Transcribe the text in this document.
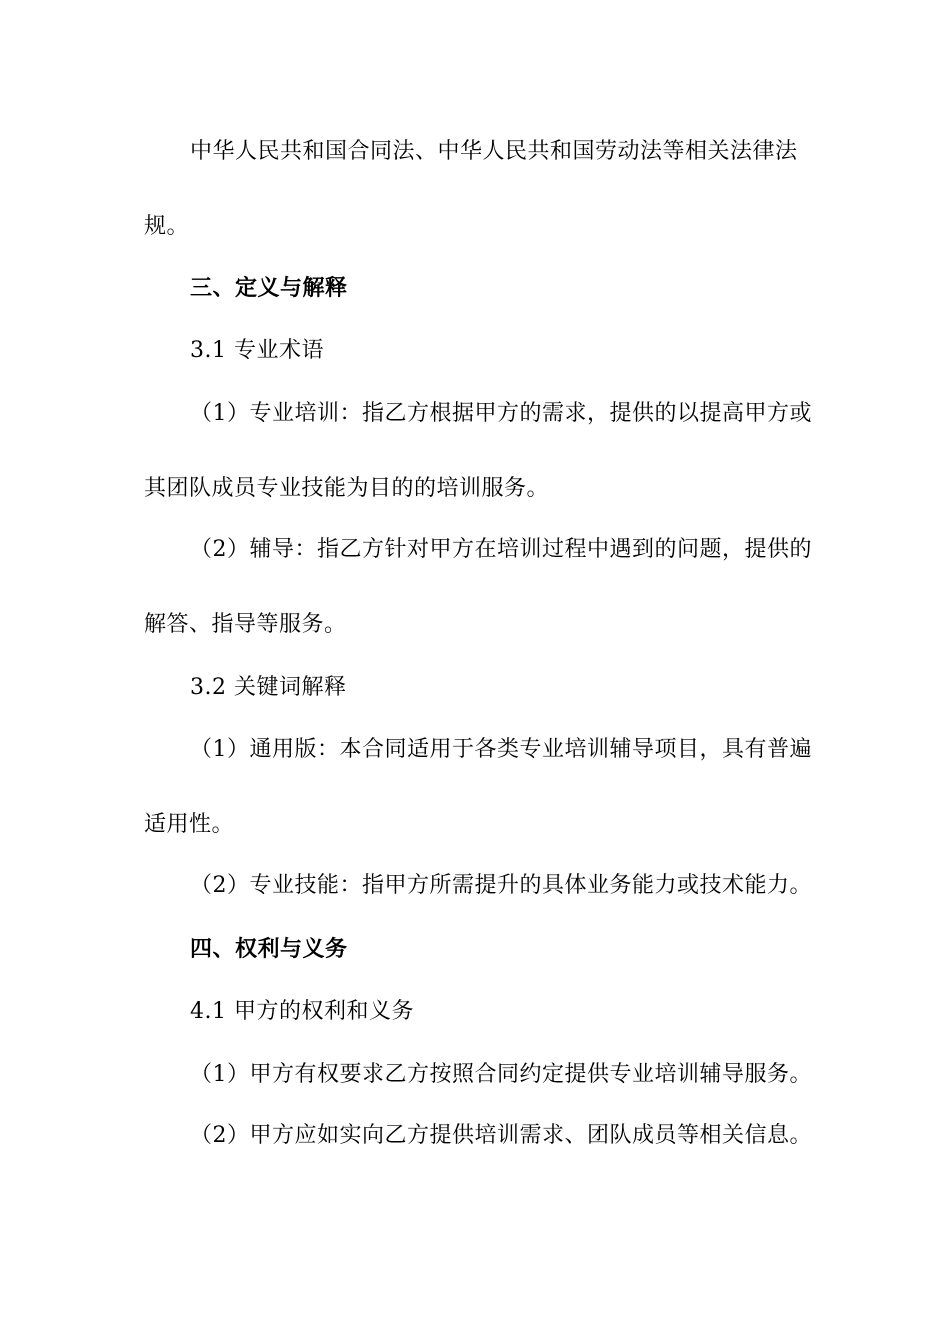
中华人民共和国合同法、中华人民共和国劳动法等相关法律法
规。
三、定义与解释
3.1 专业术语
（1）专业培训：指乙方根据甲方的需求，提供的以提高甲方或
其团队成员专业技能为目的的培训服务。
（2）辅导：指乙方针对甲方在培训过程中遇到的问题，提供的
解答、指导等服务。
3.2 关键词解释
（1）通用版：本合同适用于各类专业培训辅导项目，具有普遍
适用性。
（2）专业技能：指甲方所需提升的具体业务能力或技术能力。
四、权利与义务
4.1 甲方的权利和义务
（1）甲方有权要求乙方按照合同约定提供专业培训辅导服务。
（2）甲方应如实向乙方提供培训需求、团队成员等相关信息。
